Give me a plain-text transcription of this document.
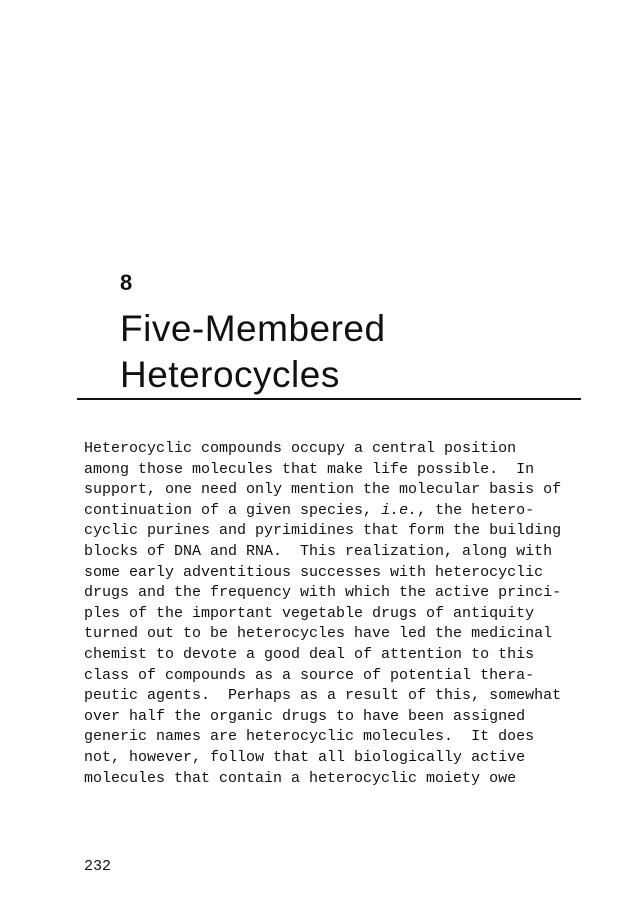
8
Five-Membered
Heterocycles
Heterocyclic compounds occupy a central position
among those molecules that make life possible.  In
support, one need only mention the molecular basis of
continuation of a given species, i.e., the hetero-
cyclic purines and pyrimidines that form the building
blocks of DNA and RNA.  This realization, along with
some early adventitious successes with heterocyclic
drugs and the frequency with which the active princi-
ples of the important vegetable drugs of antiquity
turned out to be heterocycles have led the medicinal
chemist to devote a good deal of attention to this
class of compounds as a source of potential thera-
peutic agents.  Perhaps as a result of this, somewhat
over half the organic drugs to have been assigned
generic names are heterocyclic molecules.  It does
not, however, follow that all biologically active
molecules that contain a heterocyclic moiety owe
232
